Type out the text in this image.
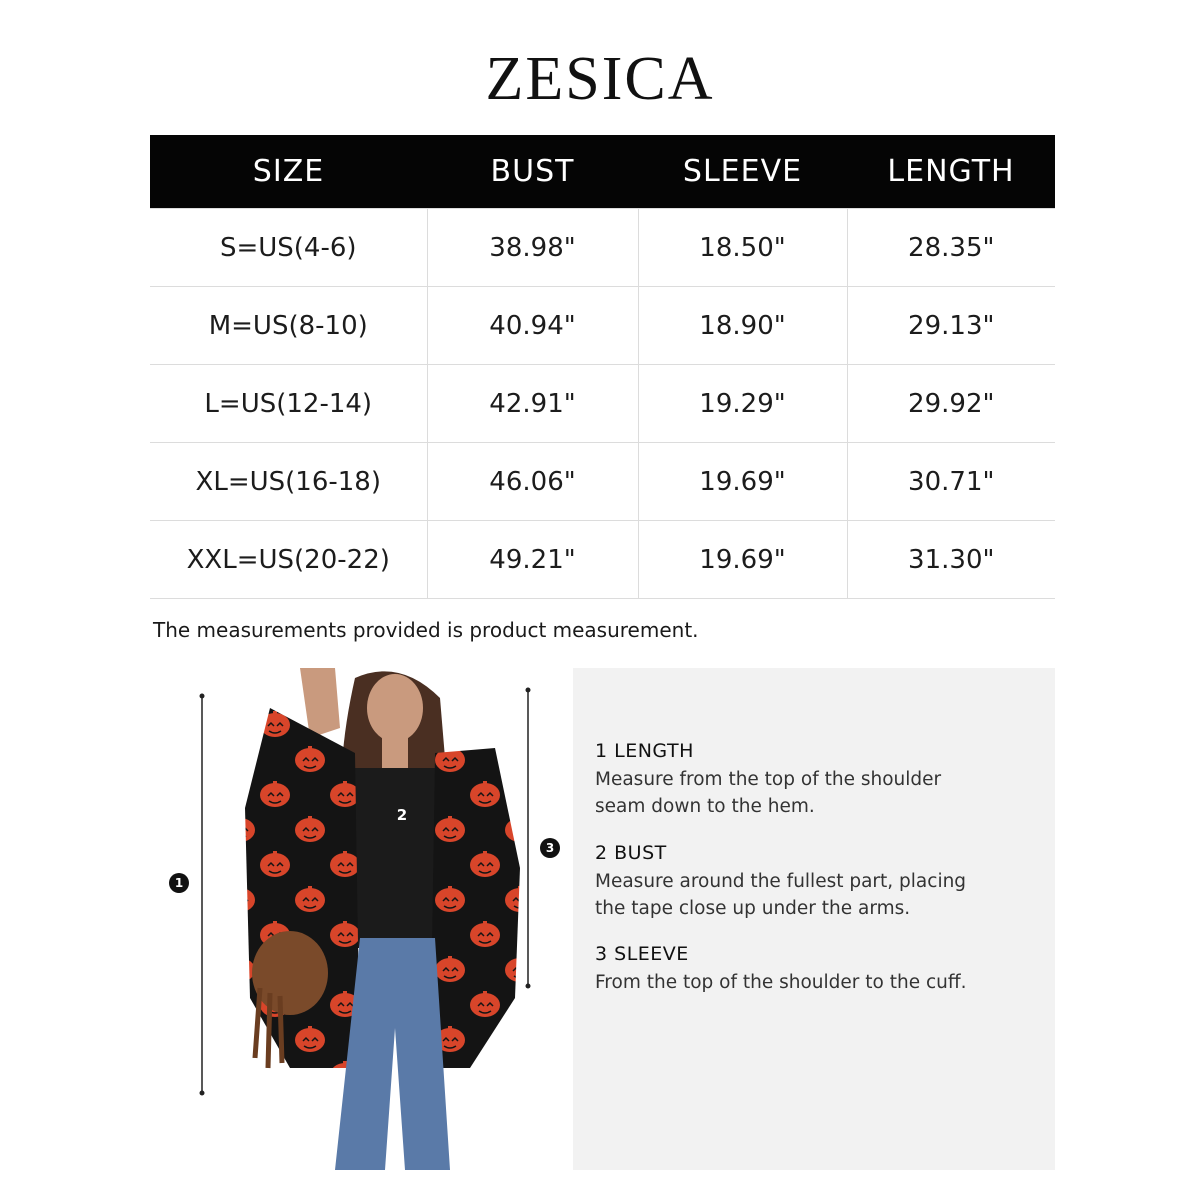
ZESICA
SIZE	BUST	SLEEVE	LENGTH
S=US(4-6)	38.98"	18.50"	28.35"
M=US(8-10)	40.94"	18.90"	29.13"
L=US(12-14)	42.91"	19.29"	29.92"
XL=US(16-18)	46.06"	19.69"	30.71"
XXL=US(20-22)	49.21"	19.69"	31.30"
The measurements provided is product measurement.
1
2
3
1 LENGTH
Measure from the top of the shoulder
seam down to the hem.
2 BUST
Measure around the fullest part, placing
the tape close up under the arms.
3 SLEEVE
From the top of the shoulder to the cuff.
